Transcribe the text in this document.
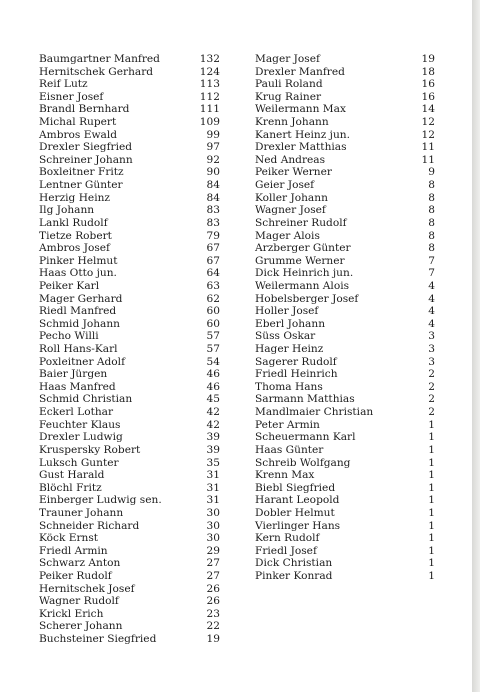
Baumgartner Manfred	132
Hernitschek Gerhard	124
Reif Lutz	113
Eisner Josef	112
Brandl Bernhard	111
Michal Rupert	109
Ambros Ewald	99
Drexler Siegfried	97
Schreiner Johann	92
Boxleitner Fritz	90
Lentner Günter	84
Herzig Heinz	84
Ilg Johann	83
Lankl Rudolf	83
Tietze Robert	79
Ambros Josef	67
Pinker Helmut	67
Haas Otto jun.	64
Peiker Karl	63
Mager Gerhard	62
Riedl Manfred	60
Schmid Johann	60
Pecho Willi	57
Roll Hans-Karl	57
Poxleitner Adolf	54
Baier Jürgen	46
Haas Manfred	46
Schmid Christian	45
Eckerl Lothar	42
Feuchter Klaus	42
Drexler Ludwig	39
Kruspersky Robert	39
Luksch Gunter	35
Gust Harald	31
Blöchl Fritz	31
Einberger Ludwig sen.	31
Trauner Johann	30
Schneider Richard	30
Köck Ernst	30
Friedl Armin	29
Schwarz Anton	27
Peiker Rudolf	27
Hernitschek Josef	26
Wagner Rudolf	26
Krickl Erich	23
Scherer Johann	22
Buchsteiner Siegfried	19
Mager Josef	19
Drexler Manfred	18
Pauli Roland	16
Krug Rainer	16
Weilermann Max	14
Krenn Johann	12
Kanert Heinz jun.	12
Drexler Matthias	11
Ned Andreas	11
Peiker Werner	9
Geier Josef	8
Koller Johann	8
Wagner Josef	8
Schreiner Rudolf	8
Mager Alois	8
Arzberger Günter	8
Grumme Werner	7
Dick Heinrich jun.	7
Weilermann Alois	4
Hobelsberger Josef	4
Holler Josef	4
Eberl Johann	4
Süss Oskar	3
Hager Heinz	3
Sagerer Rudolf	3
Friedl Heinrich	2
Thoma Hans	2
Sarmann Matthias	2
Mandlmaier Christian	2
Peter Armin	1
Scheuermann Karl	1
Haas Günter	1
Schreib Wolfgang	1
Krenn Max	1
Biebl Siegfried	1
Harant Leopold	1
Dobler Helmut	1
Vierlinger Hans	1
Kern Rudolf	1
Friedl Josef	1
Dick Christian	1
Pinker Konrad	1
